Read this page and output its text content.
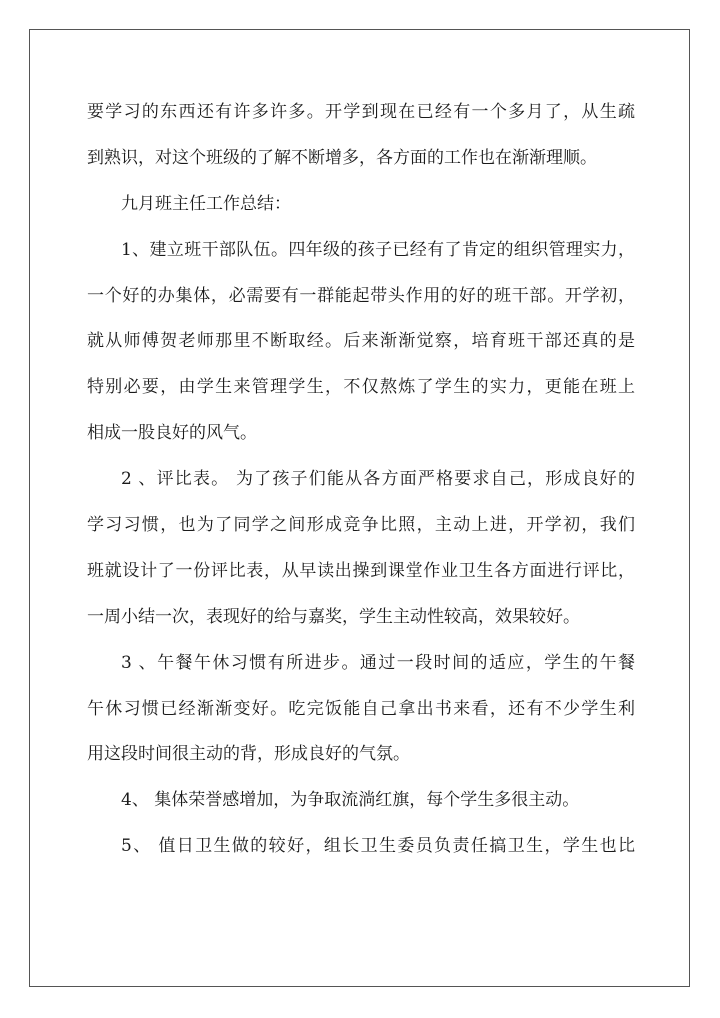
要学习的东西还有许多许多。开学到现在已经有一个多月了，从生疏
到熟识，对这个班级的了解不断增多，各方面的工作也在渐渐理顺。
九月班主任工作总结：
1、建立班干部队伍。四年级的孩子已经有了肯定的组织管理实力，
一个好的办集体，必需要有一群能起带头作用的好的班干部。开学初，
就从师傅贺老师那里不断取经。后来渐渐觉察，培育班干部还真的是
特别必要，由学生来管理学生，不仅熬炼了学生的实力，更能在班上
相成一股良好的风气。
2 、评比表。 为了孩子们能从各方面严格要求自己，形成良好的
学习习惯，也为了同学之间形成竞争比照，主动上进，开学初，我们
班就设计了一份评比表，从早读出操到课堂作业卫生各方面进行评比，
一周小结一次，表现好的给与嘉奖，学生主动性较高，效果较好。
3 、午餐午休习惯有所进步。通过一段时间的适应，学生的午餐
午休习惯已经渐渐变好。吃完饭能自己拿出书来看，还有不少学生利
用这段时间很主动的背，形成良好的气氛。
4、 集体荣誉感增加，为争取流淌红旗，每个学生多很主动。
5、 值日卫生做的较好，组长卫生委员负责任搞卫生，学生也比
